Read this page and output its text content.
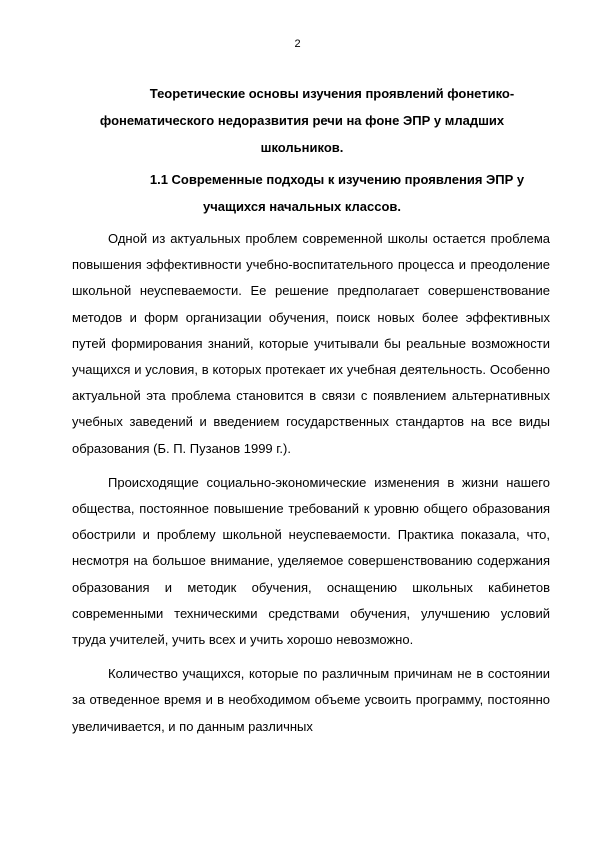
2
Теоретические основы изучения проявлений фонетико-фонематического недоразвития речи на фоне ЭПР у младших школьников.
1.1 Современные подходы к изучению проявления ЭПР у учащихся начальных классов.

Одной из актуальных проблем современной школы остается проблема повышения эффективности учебно-воспитательного процесса и преодоление школьной неуспеваемости. Ее решение предполагает совершенствование методов и форм организации обучения, поиск новых более эффективных путей формирования знаний, которые учитывали бы реальные возможности учащихся и условия, в которых протекает их учебная деятельность. Особенно актуальной эта проблема становится в связи с появлением альтернативных учебных заведений и введением государственных стандартов на все виды образования (Б. П. Пузанов 1999 г.).

Происходящие социально-экономические изменения в жизни нашего общества, постоянное повышение требований к уровню общего образования обострили и проблему школьной неуспеваемости. Практика показала, что, несмотря на большое внимание, уделяемое совершенствованию содержания образования и методик обучения, оснащению школьных кабинетов современными техническими средствами обучения, улучшению условий труда учителей, учить всех и учить хорошо невозможно.

Количество учащихся, которые по различным причинам не в состоянии за отведенное время и в необходимом объеме усвоить программу, постоянно увеличивается, и по данным различных
